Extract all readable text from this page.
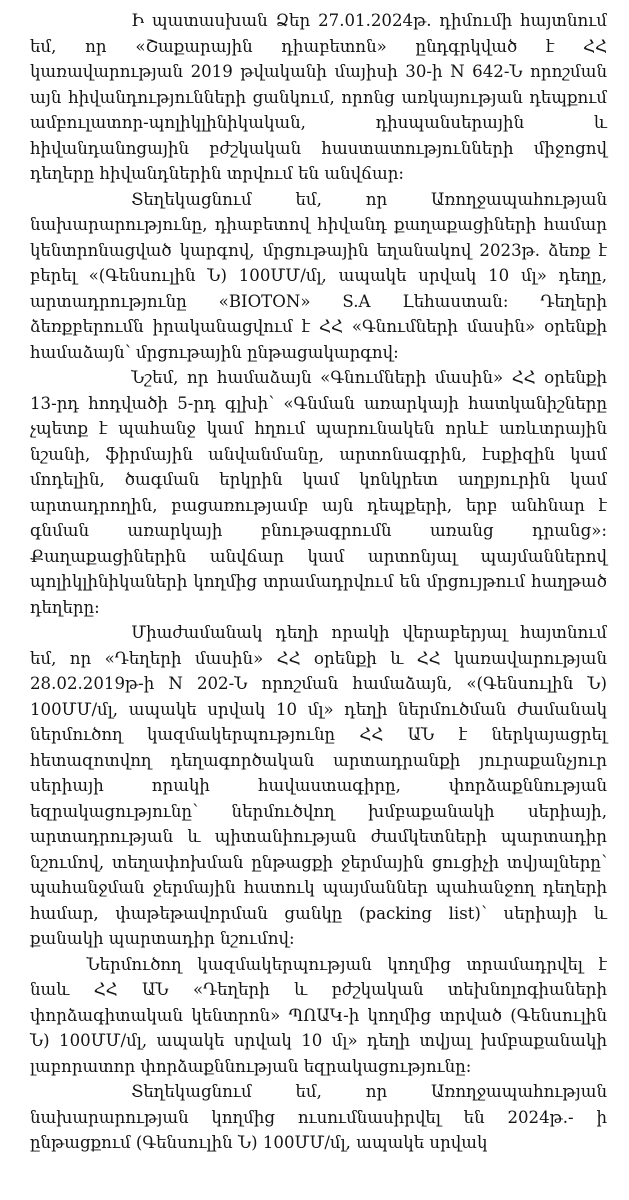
Ի պատասխան Ձեր 27.01.2024թ. դիմումի հայտնում եմ, որ «Շաքարային դիաբետոն» ընդգրկված է ՀՀ կառավարության 2019 թվականի մայիսի 30-ի N 642-Ն որոշման այն հիվանդությունների ցանկում, որոնց առկայության դեպքում ամբուլատոր-պոլիկլինիկական, դիսպանսերային և հիվանդանոցային բժշկական հաստատությունների միջոցով դեղերը հիվանդներին տրվում են անվճար:

Տեղեկացնում եմ, որ Առողջապահության նախարարությունը, դիաբետով հիվանդ քաղաքացիների համար կենտրոնացված կարգով, մրցութային եղանակով 2023թ. ձեռք է բերել «(Գենսուլին Ն) 100ՄՄ/մլ, ապակե սրվակ 10 մլ» դեղը, արտադրությունը «BIOTON» S.A Լեհաստան: Դեղերի ձեռքբերումն իրականացվում է ՀՀ «Գնումների մասին» օրենքի համաձայն՝ մրցութային ընթացակարգով:

Նշեմ, որ համաձայն «Գնումների մասին» ՀՀ օրենքի 13-րդ հոդվածի 5-րդ գլխի՝ «Գնման առարկայի հատկանիշները չպետք է պահանջ կամ հղում պարունակեն որևէ առևտրային նշանի, ֆիրմային անվանմանը, արտոնագրին, էսքիզին կամ մոդելին, ծագման երկրին կամ կոնկրետ աղբյուրին կամ արտադրողին, բացառությամբ այն դեպքերի, երբ անհնար է գնման առարկայի բնութագրումն առանց դրանց»: Քաղաքացիներին անվճար կամ արտոնյալ պայմաններով պոլիկլինիկաների կողմից տրամադրվում են մրցույթում հաղթած դեղերը:

Միաժամանակ դեղի որակի վերաբերյալ հայտնում եմ, որ «Դեղերի մասին» ՀՀ օրենքի և ՀՀ կառավարության 28.02.2019թ-ի N 202-Ն որոշման համաձայն, «(Գենսուլին Ն) 100ՄՄ/մլ, ապակե սրվակ 10 մլ» դեղի ներմուծման ժամանակ ներմուծող կազմակերպությունը ՀՀ ԱՆ է ներկայացրել հետազոտվող դեղագործական արտադրանքի յուրաքանչյուր սերիայի որակի հավաստագիրը, փորձաքննության եզրակացությունը՝ ներմուծվող խմբաքանակի սերիայի, արտադրության և պիտանիության ժամկետների պարտադիր նշումով, տեղափոխման ընթացքի ջերմային ցուցիչի տվյալները՝ պահանջման ջերմային հատուկ պայմաններ պահանջող դեղերի համար, փաթեթավորման ցանկը (packing list)՝ սերիայի և քանակի պարտադիր նշումով:

Ներմուծող կազմակերպության կողմից տրամադրվել է նաև ՀՀ ԱՆ «Դեղերի և բժշկական տեխնոլոգիաների փորձագիտական կենտրոն» ՊՈԱԿ-ի կողմից տրված (Գենսուլին Ն) 100ՄՄ/մլ, ապակե սրվակ 10 մլ» դեղի տվյալ խմբաքանակի լաբորատոր փորձաքննության եզրակացությունը:

Տեղեկացնում եմ, որ Առողջապահության նախարարության կողմից ուսումնասիրվել են 2024թ.- ի ընթացքում (Գենսուլին Ն) 100ՄՄ/մլ, ապակե սրվակ
